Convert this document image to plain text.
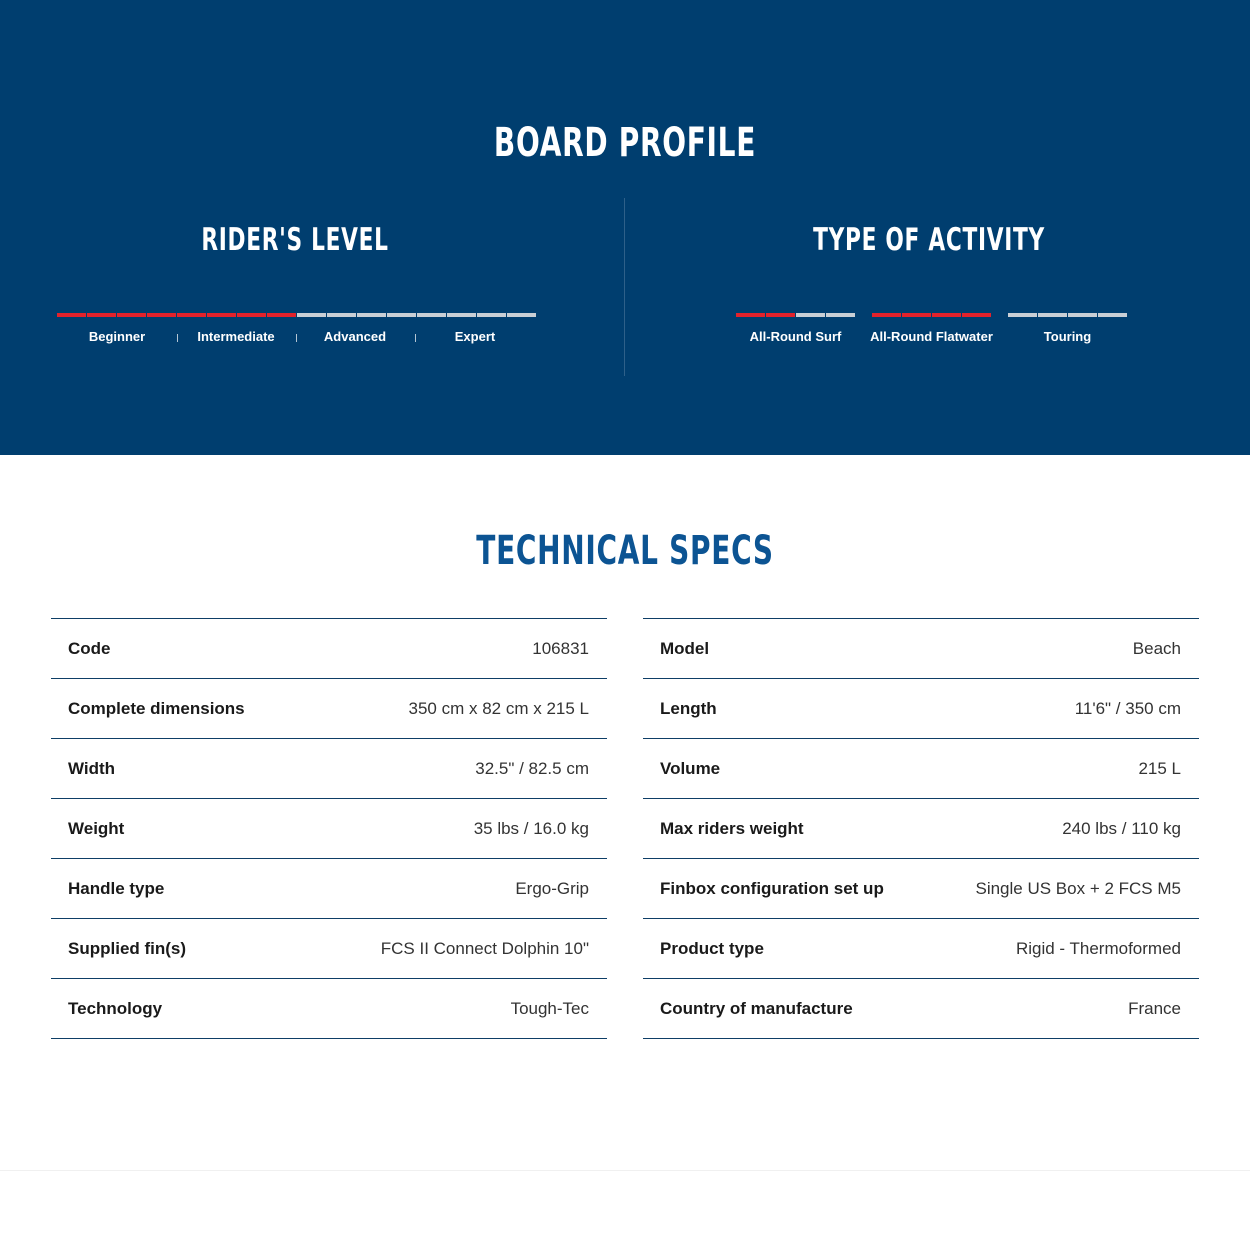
BOARD PROFILE
RIDER'S LEVEL
Beginner	Intermediate	Advanced	Expert
TYPE OF ACTIVITY
All-Round Surf	All-Round Flatwater	Touring
TECHNICAL SPECS
Code	106831
Complete dimensions	350 cm x 82 cm x 215 L
Width	32.5" / 82.5 cm
Weight	35 lbs / 16.0 kg
Handle type	Ergo-Grip
Supplied fin(s)	FCS II Connect Dolphin 10"
Technology	Tough-Tec
Model	Beach
Length	11'6" / 350 cm
Volume	215 L
Max riders weight	240 lbs / 110 kg
Finbox configuration set up	Single US Box + 2 FCS M5
Product type	Rigid - Thermoformed
Country of manufacture	France
